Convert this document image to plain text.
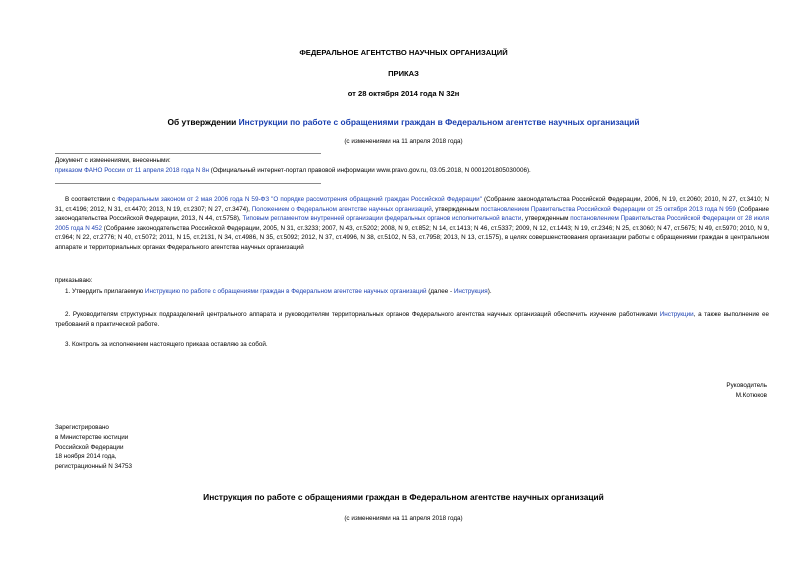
ФЕДЕРАЛЬНОЕ АГЕНТСТВО НАУЧНЫХ ОРГАНИЗАЦИЙ
ПРИКАЗ
от 28 октября 2014 года N 32н
Об утверждении Инструкции по работе с обращениями граждан в Федеральном агентстве научных организаций
(с изменениями на 11 апреля 2018 года)
Документ с изменениями, внесенными:
приказом ФАНО России от 11 апреля 2018 года N 8н (Официальный интернет-портал правовой информации www.pravo.gov.ru, 03.05.2018, N 0001201805030006).
В соответствии с Федеральным законом от 2 мая 2006 года N 59-ФЗ "О порядке рассмотрения обращений граждан Российской Федерации" (Собрание законодательства Российской Федерации, 2006, N 19, ст.2060; 2010, N 27, ст.3410; N 31, ст.4196; 2012, N 31, ст.4470; 2013, N 19, ст.2307; N 27, ст.3474), Положением о Федеральном агентстве научных организаций, утвержденным постановлением Правительства Российской Федерации от 25 октября 2013 года N 959 (Собрание законодательства Российской Федерации, 2013, N 44, ст.5758), Типовым регламентом внутренней организации федеральных органов исполнительной власти, утвержденным постановлением Правительства Российской Федерации от 28 июля 2005 года N 452 (Собрание законодательства Российской Федерации, 2005, N 31, ст.3233; 2007, N 43, ст.5202; 2008, N 9, ст.852; N 14, ст.1413; N 46, ст.5337; 2009, N 12, ст.1443; N 19, ст.2346; N 25, ст.3060; N 47, ст.5675; N 49, ст.5970; 2010, N 9, ст.964; N 22, ст.2776; N 40, ст.5072; 2011, N 15, ст.2131, N 34, ст.4986, N 35, ст.5092; 2012, N 37, ст.4996, N 38, ст.5102, N 53, ст.7958; 2013, N 13, ст.1575), в целях совершенствования организации работы с обращениями граждан в центральном аппарате и территориальных органах Федерального агентства научных организаций
приказываю:
1. Утвердить прилагаемую Инструкцию по работе с обращениями граждан в Федеральном агентстве научных организаций (далее - Инструкция).
2. Руководителям структурных подразделений центрального аппарата и руководителям территориальных органов Федерального агентства научных организаций обеспечить изучение работниками Инструкции, а также выполнение ее требований в практической работе.
3. Контроль за исполнением настоящего приказа оставляю за собой.
Руководитель
М.Котюков
Зарегистрировано
в Министерстве юстиции
Российской Федерации
18 ноября 2014 года,
регистрационный N 34753
Инструкция по работе с обращениями граждан в Федеральном агентстве научных организаций
(с изменениями на 11 апреля 2018 года)
